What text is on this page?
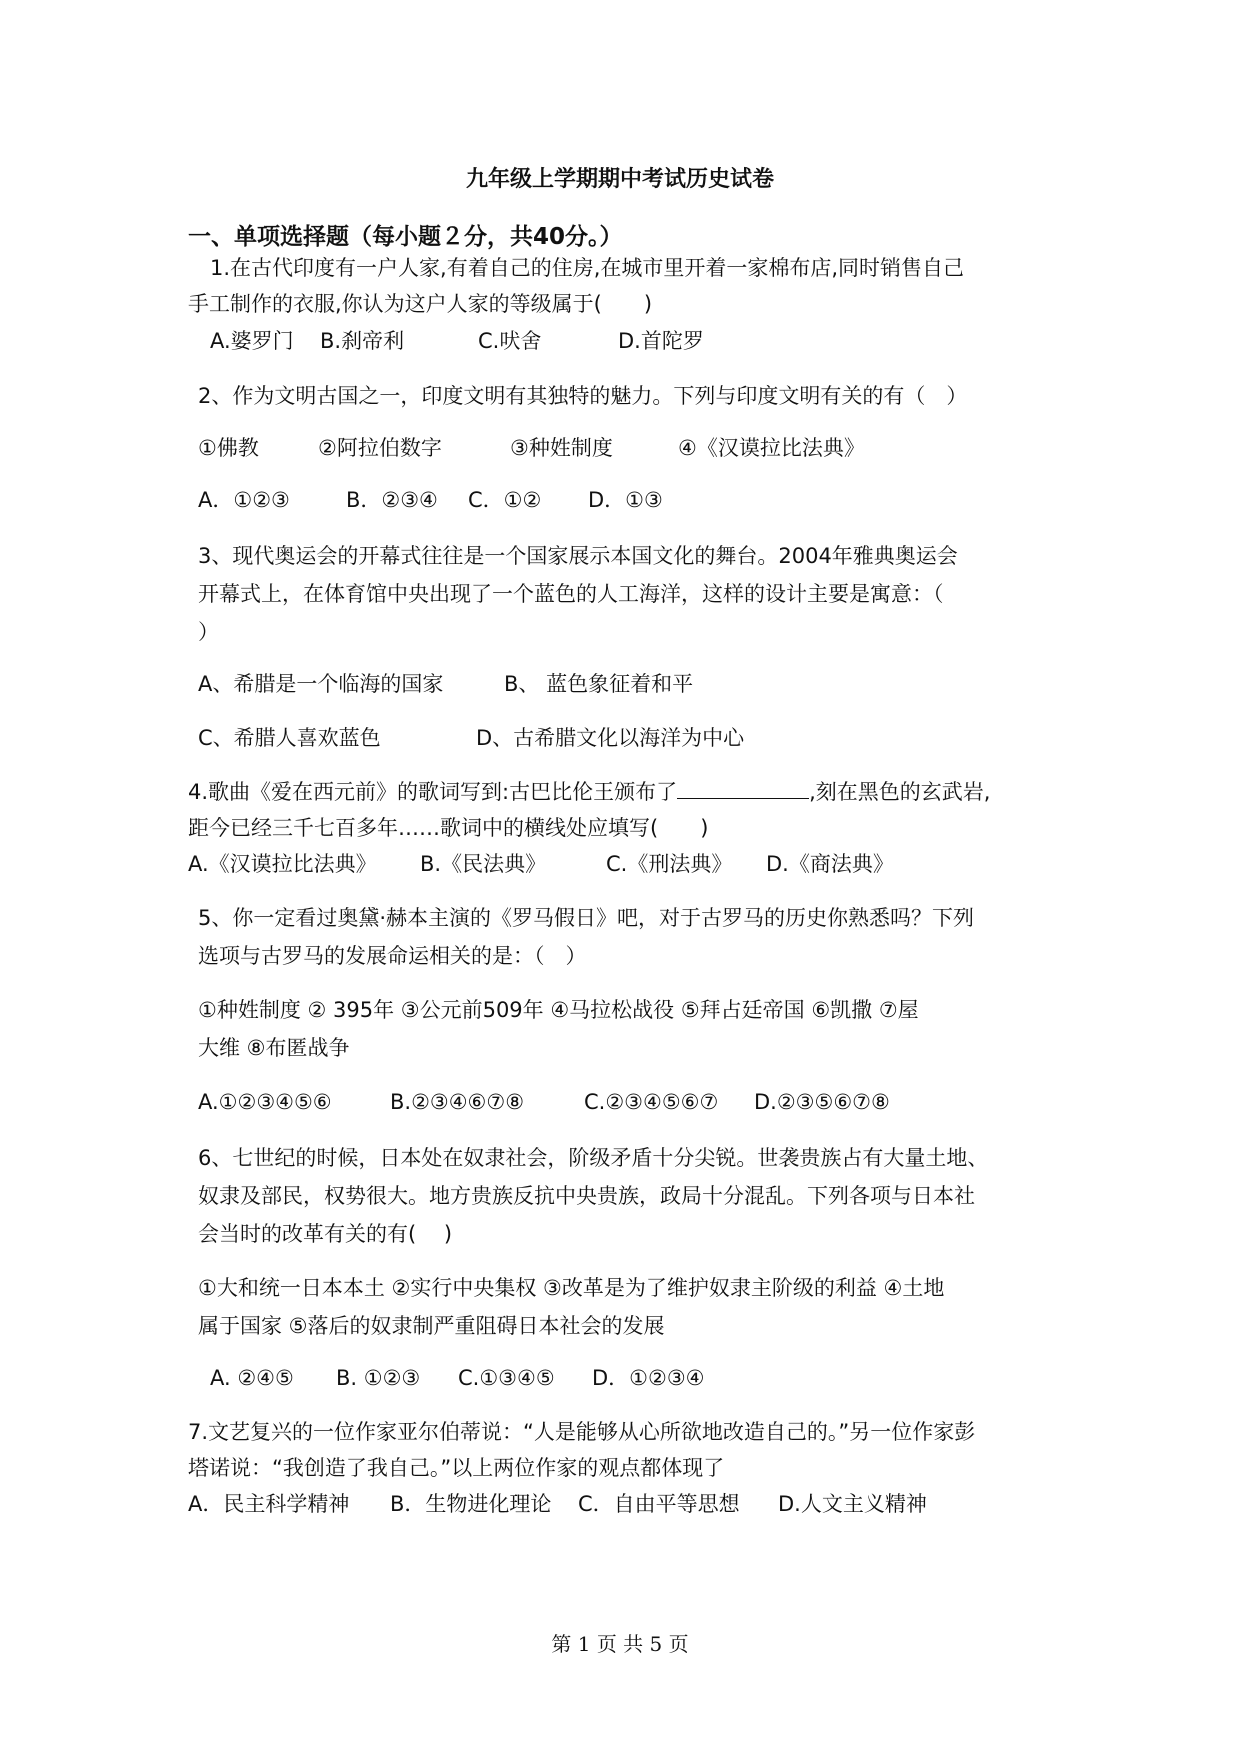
九年级上学期期中考试历史试卷
一、单项选择题（每小题２分，共40分。）
1.在古代印度有一户人家,有着自己的住房,在城市里开着一家棉布店,同时销售自己
手工制作的衣服,你认为这户人家的等级属于(　　)
A.婆罗门 B.刹帝利	C.吠舍	D.首陀罗
2、作为文明古国之一，印度文明有其独特的魅力。下列与印度文明有关的有（　）
①佛教	②阿拉伯数字	③种姓制度	④《汉谟拉比法典》
A．①②③	B．②③④ C．①② D．①③
3、现代奥运会的开幕式往往是一个国家展示本国文化的舞台。2004年雅典奥运会
开幕式上，在体育馆中央出现了一个蓝色的人工海洋，这样的设计主要是寓意：（
）
A、希腊是一个临海的国家	B、 蓝色象征着和平
C、希腊人喜欢蓝色	D、古希腊文化以海洋为中心
4.歌曲《爱在西元前》的歌词写到:古巴比伦王颁布了	,刻在黑色的玄武岩,
距今已经三千七百多年……歌词中的横线处应填写(　　)
A.《汉谟拉比法典》 B.《民法典》	C.《刑法典》 D.《商法典》
5、你一定看过奥黛·赫本主演的《罗马假日》吧，对于古罗马的历史你熟悉吗？下列
选项与古罗马的发展命运相关的是：（　）
①种姓制度 ② 395年 ③公元前509年 ④马拉松战役 ⑤拜占廷帝国 ⑥凯撒 ⑦屋
大维 ⑧布匿战争
A.①②③④⑤⑥	B.②③④⑥⑦⑧	C.②③④⑤⑥⑦ D.②③⑤⑥⑦⑧
6、七世纪的时候，日本处在奴隶社会，阶级矛盾十分尖锐。世袭贵族占有大量土地、
奴隶及部民，权势很大。地方贵族反抗中央贵族，政局十分混乱。下列各项与日本社
会当时的改革有关的有(　 )
①大和统一日本本土 ②实行中央集权 ③改革是为了维护奴隶主阶级的利益 ④土地
属于国家 ⑤落后的奴隶制严重阻碍日本社会的发展
A. ②④⑤ B. ①②③ C.①③④⑤ D．①②③④
7.文艺复兴的一位作家亚尔伯蒂说：“人是能够从心所欲地改造自己的。”另一位作家彭
塔诺说：“我创造了我自己。”以上两位作家的观点都体现了
A．民主科学精神 B．生物进化理论 C．自由平等思想 D.人文主义精神
第 1 页 共 5 页
